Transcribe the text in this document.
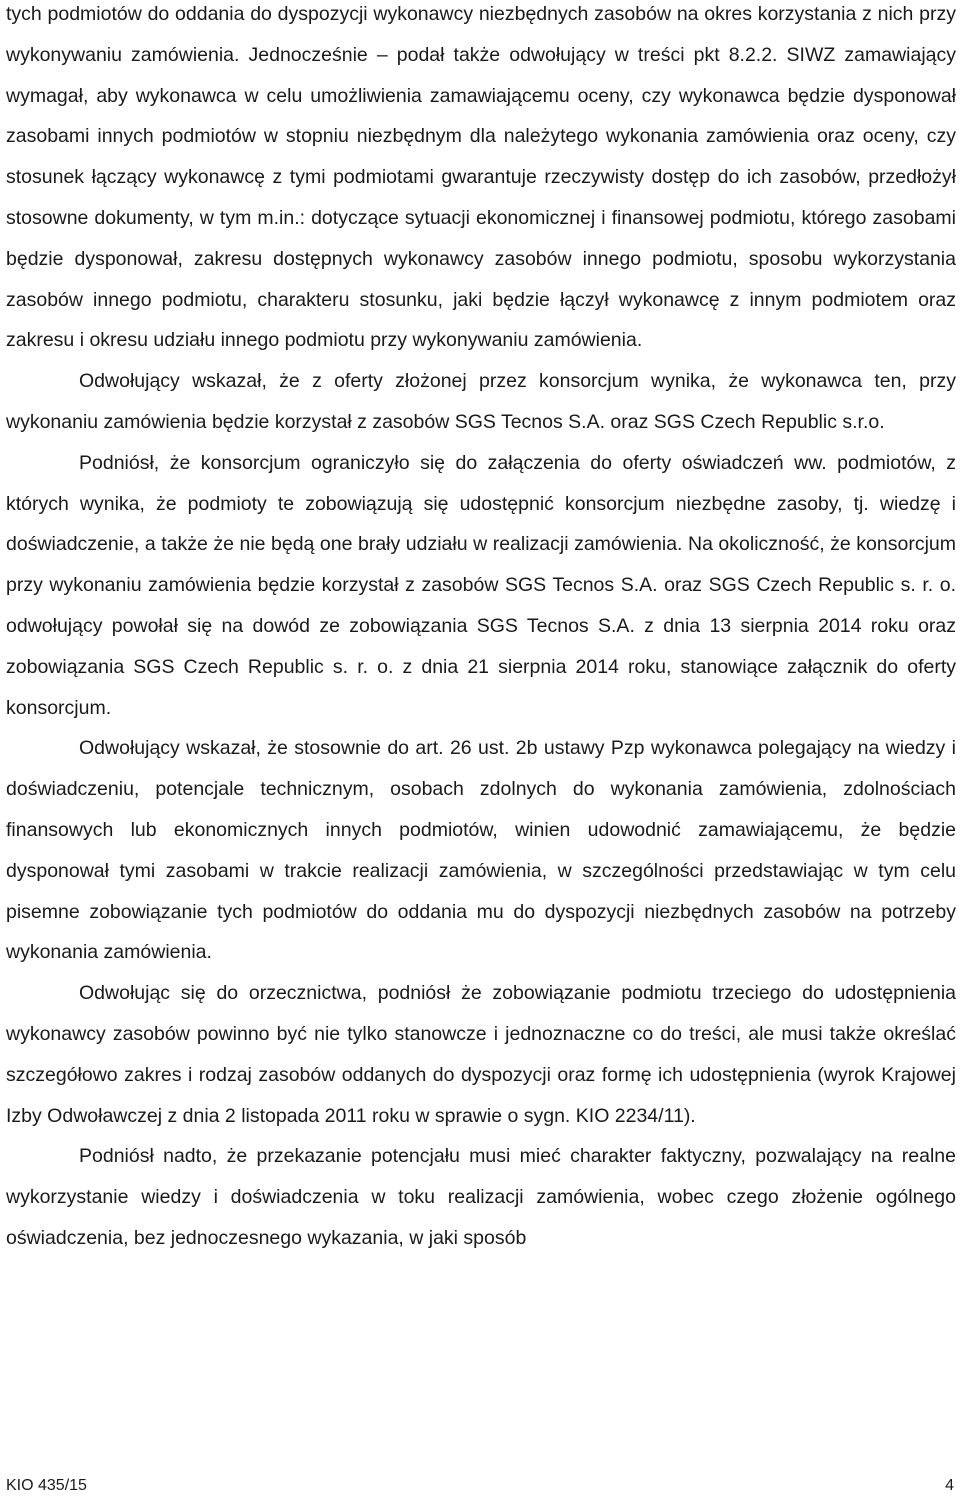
tych podmiotów do oddania do dyspozycji wykonawcy niezbędnych zasobów na okres korzystania z nich przy wykonywaniu zamówienia. Jednocześnie – podał także odwołujący w treści pkt 8.2.2. SIWZ zamawiający wymagał, aby wykonawca w celu umożliwienia zamawiającemu oceny, czy wykonawca będzie dysponował zasobami innych podmiotów w stopniu niezbędnym dla należytego wykonania zamówienia oraz oceny, czy stosunek łączący wykonawcę z tymi podmiotami gwarantuje rzeczywisty dostęp do ich zasobów, przedłożył stosowne dokumenty, w tym m.in.: dotyczące sytuacji ekonomicznej i finansowej podmiotu, którego zasobami będzie dysponował, zakresu dostępnych wykonawcy zasobów innego podmiotu, sposobu wykorzystania zasobów innego podmiotu, charakteru stosunku, jaki będzie łączył wykonawcę z innym podmiotem oraz zakresu i okresu udziału innego podmiotu przy wykonywaniu zamówienia.

Odwołujący wskazał, że z oferty złożonej przez konsorcjum wynika, że wykonawca ten, przy wykonaniu zamówienia będzie korzystał z zasobów SGS Tecnos S.A. oraz SGS Czech Republic s.r.o.

Podniósł, że konsorcjum ograniczyło się do załączenia do oferty oświadczeń ww. podmiotów, z których wynika, że podmioty te zobowiązują się udostępnić konsorcjum niezbędne zasoby, tj. wiedzę i doświadczenie, a także że nie będą one brały udziału w realizacji zamówienia. Na okoliczność, że konsorcjum przy wykonaniu zamówienia będzie korzystał z zasobów SGS Tecnos S.A. oraz SGS Czech Republic s. r. o. odwołujący powołał się na dowód ze zobowiązania SGS Tecnos S.A. z dnia 13 sierpnia 2014 roku oraz zobowiązania SGS Czech Republic s. r. o. z dnia 21 sierpnia 2014 roku, stanowiące załącznik do oferty konsorcjum.

Odwołujący wskazał, że stosownie do art. 26 ust. 2b ustawy Pzp wykonawca polegający na wiedzy i doświadczeniu, potencjale technicznym, osobach zdolnych do wykonania zamówienia, zdolnościach finansowych lub ekonomicznych innych podmiotów, winien udowodnić zamawiającemu, że będzie dysponował tymi zasobami w trakcie realizacji zamówienia, w szczególności przedstawiając w tym celu pisemne zobowiązanie tych podmiotów do oddania mu do dyspozycji niezbędnych zasobów na potrzeby wykonania zamówienia.

Odwołując się do orzecznictwa, podniósł że zobowiązanie podmiotu trzeciego do udostępnienia wykonawcy zasobów powinno być nie tylko stanowcze i jednoznaczne co do treści, ale musi także określać szczegółowo zakres i rodzaj zasobów oddanych do dyspozycji oraz formę ich udostępnienia (wyrok Krajowej Izby Odwoławczej z dnia 2 listopada 2011 roku w sprawie o sygn. KIO 2234/11).

Podniósł nadto, że przekazanie potencjału musi mieć charakter faktyczny, pozwalający na realne wykorzystanie wiedzy i doświadczenia w toku realizacji zamówienia, wobec czego złożenie ogólnego oświadczenia, bez jednoczesnego wykazania, w jaki sposób

KIO 435/15	4
